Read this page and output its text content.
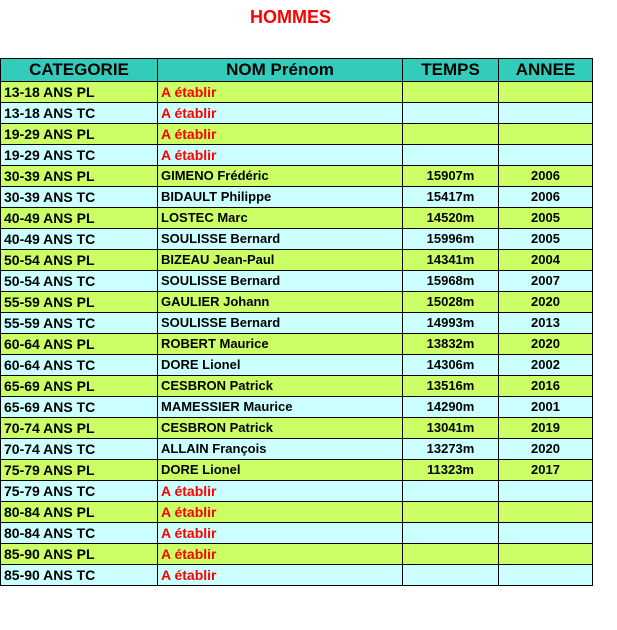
HOMMES
CATEGORIE	NOM Prénom	TEMPS	ANNEE
13-18 ANS PL	A établir		
13-18 ANS TC	A établir		
19-29 ANS PL	A établir		
19-29 ANS TC	A établir		
30-39 ANS PL	GIMENO Frédéric	15907m	2006
30-39 ANS TC	BIDAULT Philippe	15417m	2006
40-49 ANS PL	LOSTEC Marc	14520m	2005
40-49 ANS TC	SOULISSE Bernard	15996m	2005
50-54 ANS PL	BIZEAU Jean-Paul	14341m	2004
50-54 ANS TC	SOULISSE Bernard	15968m	2007
55-59 ANS PL	GAULIER Johann	15028m	2020
55-59 ANS TC	SOULISSE Bernard	14993m	2013
60-64 ANS PL	ROBERT Maurice	13832m	2020
60-64 ANS TC	DORE Lionel	14306m	2002
65-69 ANS PL	CESBRON Patrick	13516m	2016
65-69 ANS TC	MAMESSIER Maurice	14290m	2001
70-74 ANS PL	CESBRON Patrick	13041m	2019
70-74 ANS TC	ALLAIN François	13273m	2020
75-79 ANS PL	DORE Lionel	11323m	2017
75-79 ANS TC	A établir		
80-84 ANS PL	A établir		
80-84 ANS TC	A établir		
85-90 ANS PL	A établir		
85-90 ANS TC	A établir		
